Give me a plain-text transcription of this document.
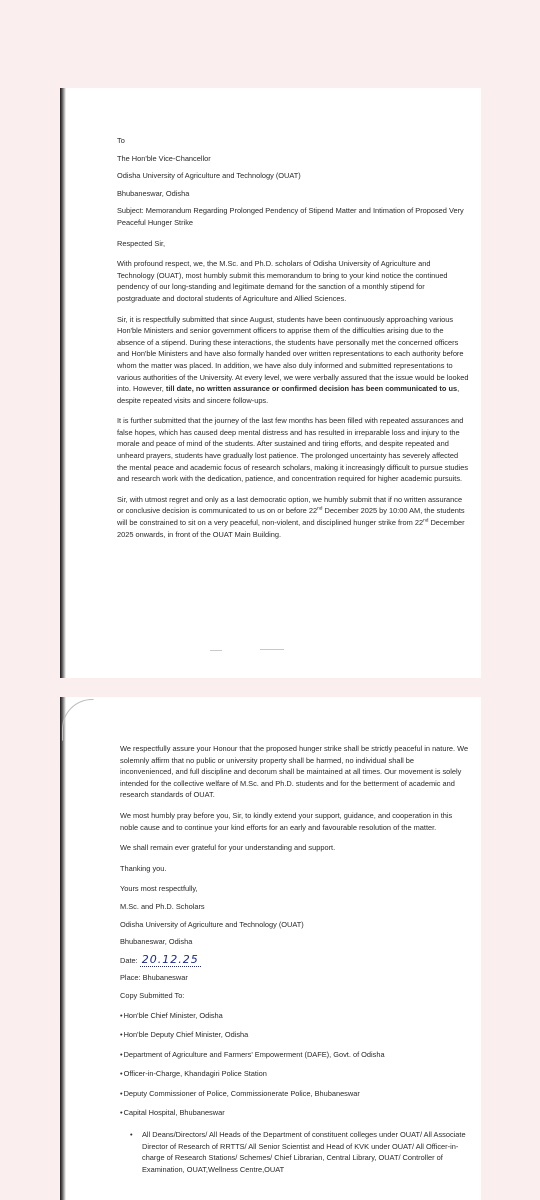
To

The Hon'ble Vice-Chancellor

Odisha University of Agriculture and Technology (OUAT)

Bhubaneswar, Odisha

Subject: Memorandum Regarding Prolonged Pendency of Stipend Matter and Intimation of Proposed Very Peaceful Hunger Strike

Respected Sir,

With profound respect, we, the M.Sc. and Ph.D. scholars of Odisha University of Agriculture and Technology (OUAT), most humbly submit this memorandum to bring to your kind notice the continued pendency of our long-standing and legitimate demand for the sanction of a monthly stipend for postgraduate and doctoral students of Agriculture and Allied Sciences.

Sir, it is respectfully submitted that since August, students have been continuously approaching various Hon'ble Ministers and senior government officers to apprise them of the difficulties arising due to the absence of a stipend. During these interactions, the students have personally met the concerned officers and Hon'ble Ministers and have also formally handed over written representations to each authority before whom the matter was placed. In addition, we have also duly informed and submitted representations to various authorities of the University. At every level, we were verbally assured that the issue would be looked into. However, till date, no written assurance or confirmed decision has been communicated to us, despite repeated visits and sincere follow-ups.

It is further submitted that the journey of the last few months has been filled with repeated assurances and false hopes, which has caused deep mental distress and has resulted in irreparable loss and injury to the morale and peace of mind of the students. After sustained and tiring efforts, and despite repeated and unheard prayers, students have gradually lost patience. The prolonged uncertainty has severely affected the mental peace and academic focus of research scholars, making it increasingly difficult to pursue studies and research work with the dedication, patience, and concentration required for higher academic pursuits.

Sir, with utmost regret and only as a last democratic option, we humbly submit that if no written assurance or conclusive decision is communicated to us on or before 22nd December 2025 by 10:00 AM, the students will be constrained to sit on a very peaceful, non-violent, and disciplined hunger strike from 22nd December 2025 onwards, in front of the OUAT Main Building.

We respectfully assure your Honour that the proposed hunger strike shall be strictly peaceful in nature. We solemnly affirm that no public or university property shall be harmed, no individual shall be inconvenienced, and full discipline and decorum shall be maintained at all times. Our movement is solely intended for the collective welfare of M.Sc. and Ph.D. students and for the betterment of academic and research standards of OUAT.

We most humbly pray before you, Sir, to kindly extend your support, guidance, and cooperation in this noble cause and to continue your kind efforts for an early and favourable resolution of the matter.

We shall remain ever grateful for your understanding and support.

Thanking you.

Yours most respectfully,

M.Sc. and Ph.D. Scholars

Odisha University of Agriculture and Technology (OUAT)

Bhubaneswar, Odisha

Date: 20.12.25

Place: Bhubaneswar

Copy Submitted To:

•Hon'ble Chief Minister, Odisha
•Hon'ble Deputy Chief Minister, Odisha
•Department of Agriculture and Farmers' Empowerment (DAFE), Govt. of Odisha
•Officer-in-Charge, Khandagiri Police Station
•Deputy Commissioner of Police, Commissionerate Police, Bhubaneswar
•Capital Hospital, Bhubaneswar
• All Deans/Directors/ All Heads of the Department of constituent colleges under OUAT/ All Associate Director of Research of RRTTS/ All Senior Scientist and Head of KVK under OUAT/ All Officer-in-charge of Research Stations/ Schemes/ Chief Librarian, Central Library, OUAT/ Controller of Examination, OUAT,Wellness Centre,OUAT
